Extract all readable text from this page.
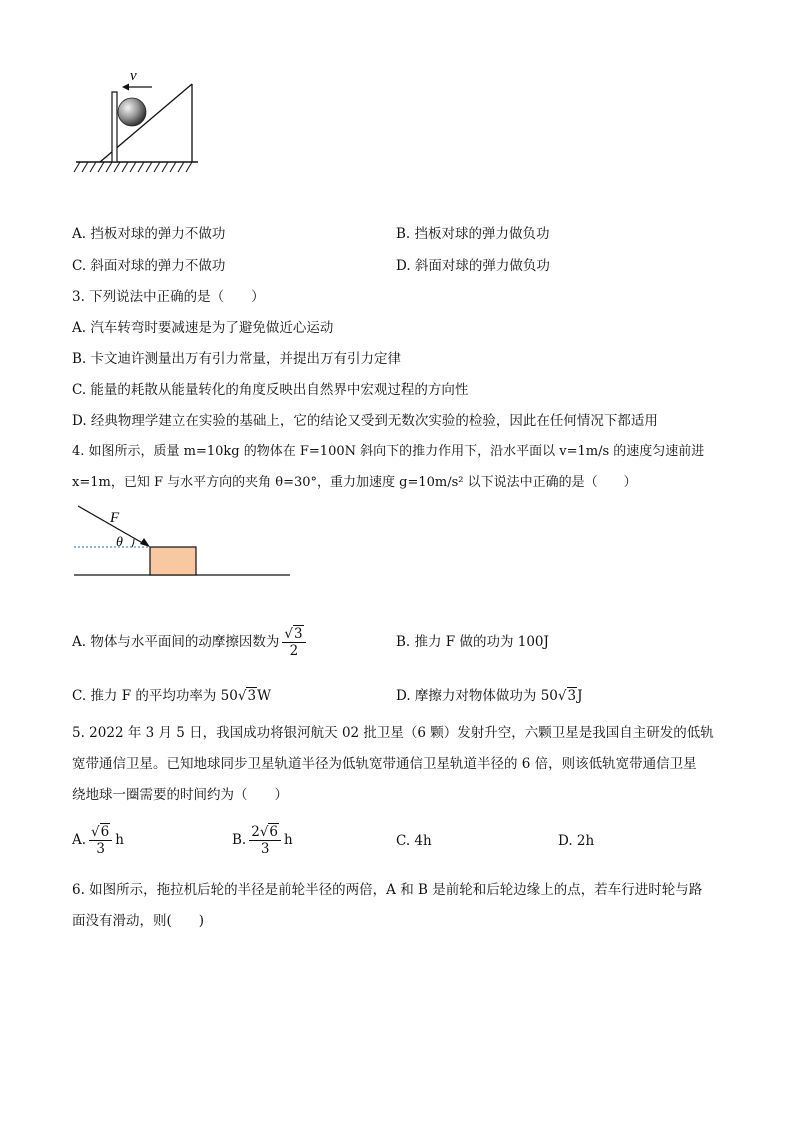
v
A. 挡板对球的弹力不做功	B. 挡板对球的弹力做负功
C. 斜面对球的弹力不做功	D. 斜面对球的弹力做负功
3. 下列说法中正确的是（　　）
A. 汽车转弯时要减速是为了避免做近心运动
B. 卡文迪许测量出万有引力常量，并提出万有引力定律
C. 能量的耗散从能量转化的角度反映出自然界中宏观过程的方向性
D. 经典物理学建立在实验的基础上，它的结论又受到无数次实验的检验，因此在任何情况下都适用
4. 如图所示，质量 m=10kg 的物体在 F=100N 斜向下的推力作用下，沿水平面以 v=1m/s 的速度匀速前进
x=1m，已知 F 与水平方向的夹角 θ=30°，重力加速度 g=10m/s² 以下说法中正确的是（　　）
F
θ
A. 物体与水平面间的动摩擦因数为 $\frac{√3}{2}$	B. 推力 F 做的功为 100J
C. 推力 F 的平均功率为 50√3W	D. 摩擦力对物体做功为 50√3J
5. 2022 年 3 月 5 日，我国成功将银河航天 02 批卫星（6 颗）发射升空，六颗卫星是我国自主研发的低轨
宽带通信卫星。已知地球同步卫星轨道半径为低轨宽带通信卫星轨道半径的 6 倍，则该低轨宽带通信卫星
绕地球一圈需要的时间约为（　　）
A. $\frac{√6}{3}$ h	B. $\frac{2√6}{3}$ h	C. 4h	D. 2h
6. 如图所示，拖拉机后轮的半径是前轮半径的两倍，A 和 B 是前轮和后轮边缘上的点，若车行进时轮与路
面没有滑动，则(　　)
